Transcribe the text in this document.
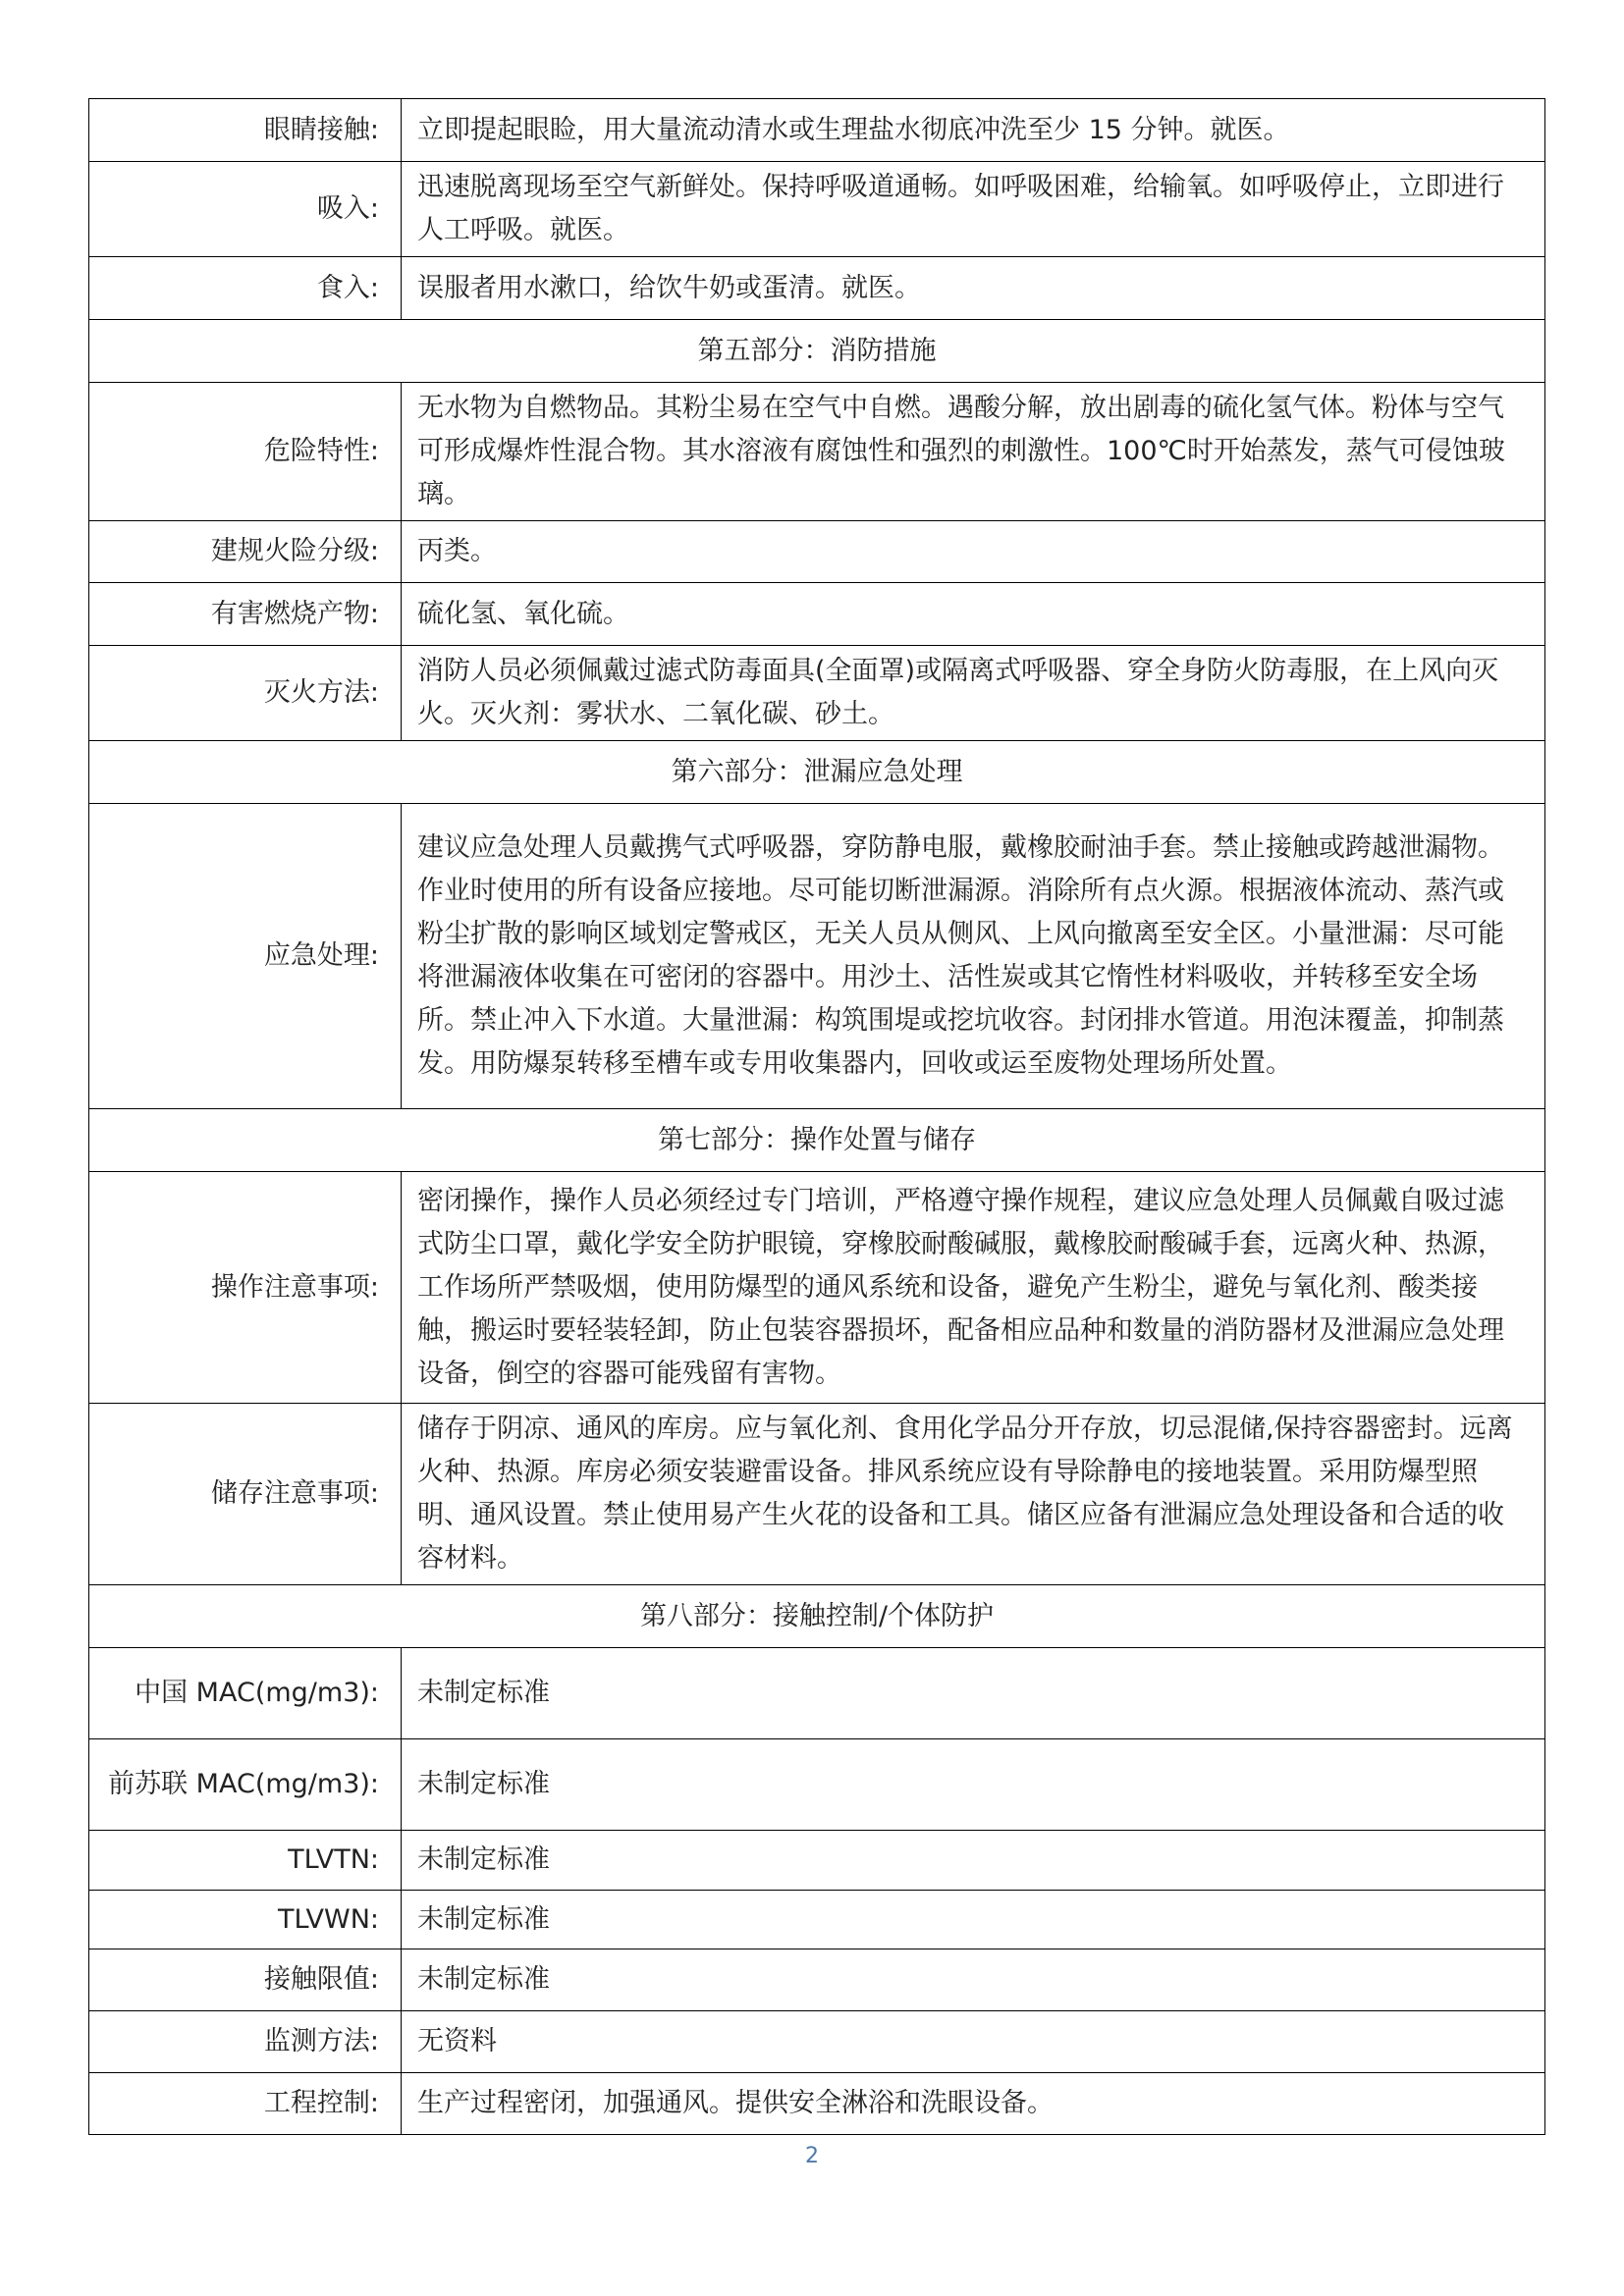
眼睛接触:	立即提起眼睑，用大量流动清水或生理盐水彻底冲洗至少 15 分钟。就医。
吸入:	迅速脱离现场至空气新鲜处。保持呼吸道通畅。如呼吸困难，给输氧。如呼吸停止，立即进行人工呼吸。就医。
食入:	误服者用水漱口，给饮牛奶或蛋清。就医。
第五部分：消防措施	
危险特性:	无水物为自燃物品。其粉尘易在空气中自燃。遇酸分解，放出剧毒的硫化氢气体。粉体与空气可形成爆炸性混合物。其水溶液有腐蚀性和强烈的刺激性。100℃时开始蒸发，蒸气可侵蚀玻璃。
建规火险分级:	丙类。
有害燃烧产物:	硫化氢、氧化硫。
灭火方法:	消防人员必须佩戴过滤式防毒面具(全面罩)或隔离式呼吸器、穿全身防火防毒服，在上风向灭火。灭火剂：雾状水、二氧化碳、砂土。
第六部分：泄漏应急处理	
应急处理:	建议应急处理人员戴携气式呼吸器，穿防静电服，戴橡胶耐油手套。禁止接触或跨越泄漏物。作业时使用的所有设备应接地。尽可能切断泄漏源。消除所有点火源。根据液体流动、蒸汽或粉尘扩散的影响区域划定警戒区，无关人员从侧风、上风向撤离至安全区。小量泄漏：尽可能将泄漏液体收集在可密闭的容器中。用沙土、活性炭或其它惰性材料吸收，并转移至安全场所。禁止冲入下水道。大量泄漏：构筑围堤或挖坑收容。封闭排水管道。用泡沫覆盖，抑制蒸发。用防爆泵转移至槽车或专用收集器内，回收或运至废物处理场所处置。
第七部分：操作处置与储存	
操作注意事项:	密闭操作，操作人员必须经过专门培训，严格遵守操作规程，建议应急处理人员佩戴自吸过滤式防尘口罩，戴化学安全防护眼镜，穿橡胶耐酸碱服，戴橡胶耐酸碱手套，远离火种、热源，工作场所严禁吸烟，使用防爆型的通风系统和设备，避免产生粉尘，避免与氧化剂、酸类接触，搬运时要轻装轻卸，防止包装容器损坏，配备相应品种和数量的消防器材及泄漏应急处理设备，倒空的容器可能残留有害物。
储存注意事项:	储存于阴凉、通风的库房。应与氧化剂、食用化学品分开存放，切忌混储,保持容器密封。远离火种、热源。库房必须安装避雷设备。排风系统应设有导除静电的接地装置。采用防爆型照明、通风设置。禁止使用易产生火花的设备和工具。储区应备有泄漏应急处理设备和合适的收容材料。
第八部分：接触控制/个体防护	
中国 MAC(mg/m3):	未制定标准
前苏联 MAC(mg/m3):	未制定标准
TLVTN:	未制定标准
TLVWN:	未制定标准
接触限值:	未制定标准
监测方法:	无资料
工程控制:	生产过程密闭，加强通风。提供安全淋浴和洗眼设备。
2
